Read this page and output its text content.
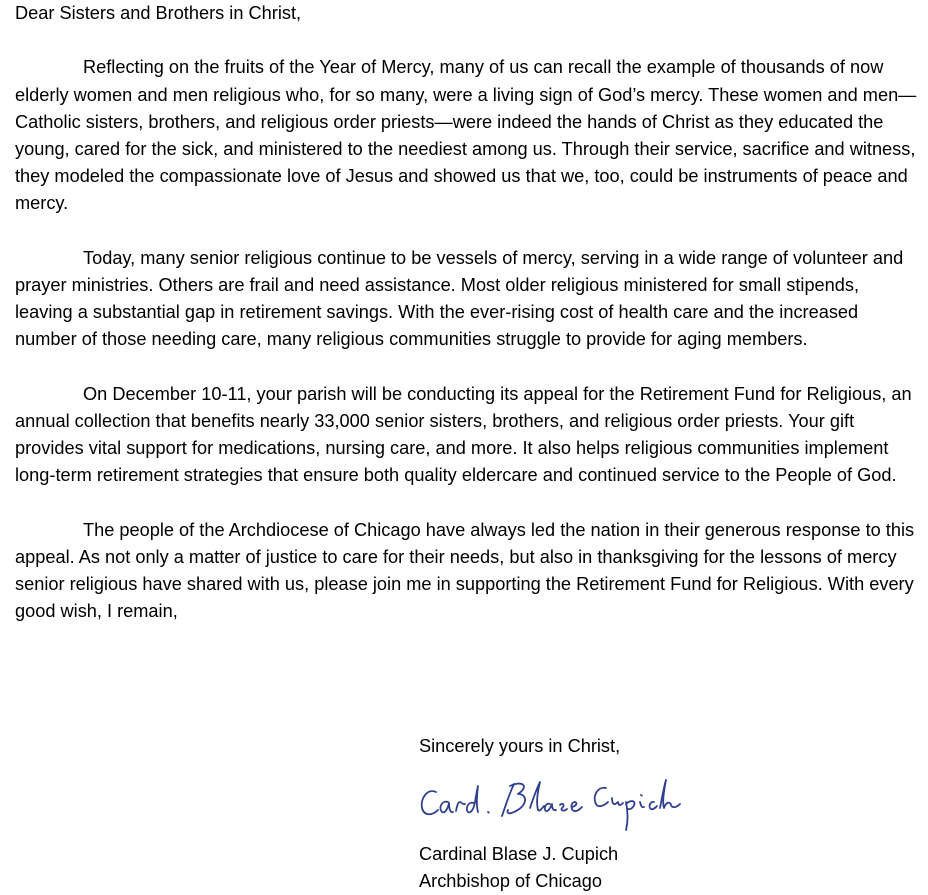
Dear Sisters and Brothers in Christ,

Reflecting on the fruits of the Year of Mercy, many of us can recall the example of thousands of now elderly women and men religious who, for so many, were a living sign of God’s mercy. These women and men—Catholic sisters, brothers, and religious order priests—were indeed the hands of Christ as they educated the young, cared for the sick, and ministered to the neediest among us. Through their service, sacrifice and witness, they modeled the compassionate love of Jesus and showed us that we, too, could be instruments of peace and mercy.

Today, many senior religious continue to be vessels of mercy, serving in a wide range of volunteer and prayer ministries. Others are frail and need assistance. Most older religious ministered for small stipends, leaving a substantial gap in retirement savings. With the ever-rising cost of health care and the increased number of those needing care, many religious communities struggle to provide for aging members.

On December 10-11, your parish will be conducting its appeal for the Retirement Fund for Religious, an annual collection that benefits nearly 33,000 senior sisters, brothers, and religious order priests. Your gift provides vital support for medications, nursing care, and more. It also helps religious communities implement long-term retirement strategies that ensure both quality eldercare and continued service to the People of God.

The people of the Archdiocese of Chicago have always led the nation in their generous response to this appeal. As not only a matter of justice to care for their needs, but also in thanksgiving for the lessons of mercy senior religious have shared with us, please join me in supporting the Retirement Fund for Religious. With every good wish, I remain,

Sincerely yours in Christ,
Cardinal Blase J. Cupich
Archbishop of Chicago
